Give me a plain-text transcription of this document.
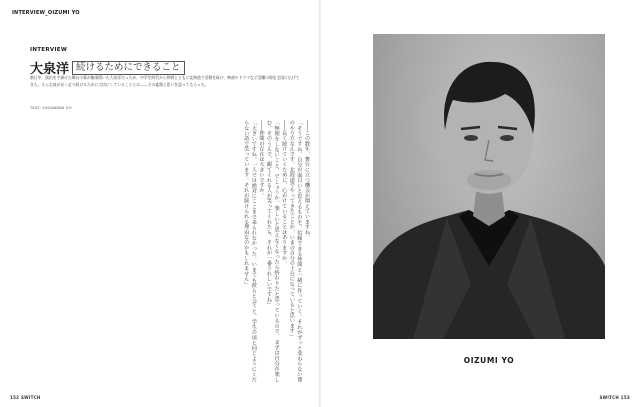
INTERVIEW_OIZUMI YO
INTERVIEW
大泉洋 続けるためにできること
朝日中、演出を手掛けた舞台の幕が無事開いた大泉洋だったが、中学生時代から仲間とともに北海道で活動を続け、映画やドラマなど活躍の場を全国に広げてきた。そんな彼が長く走り続けるために大切にしていることとは――その素顔と思いを語ってもらった。
TEXT: SUGAWARA GO

――この数年、舞台に立つ機会が増えていますね。

「そうですね。自分が面白いと思えるものを、信頼できる仲間と一緒に作っていく。それがずっと変わらない僕のやり方なんです。北海道でやってきたことが、いまの自分の土台になっていると思います」

――長く続けていくために、心がけていることはありますか。

「無理をしないこと、でしょうか。楽しいと思えなくなったら終わりだと思っているので、まずは自分が楽しむ。そのうえで、観てくれる人が笑ってくれたら、それが一番うれしいですね」

――仲間の存在は大きいですか。

「大きいですね。一人では絶対にここまで来られなかった。いまでも彼らと会うと、学生の頃と同じようにくだらない話で笑っています。それが続けられる理由なのかもしれません」

152 SWITCH
OIZUMI YO
SWITCH 153
